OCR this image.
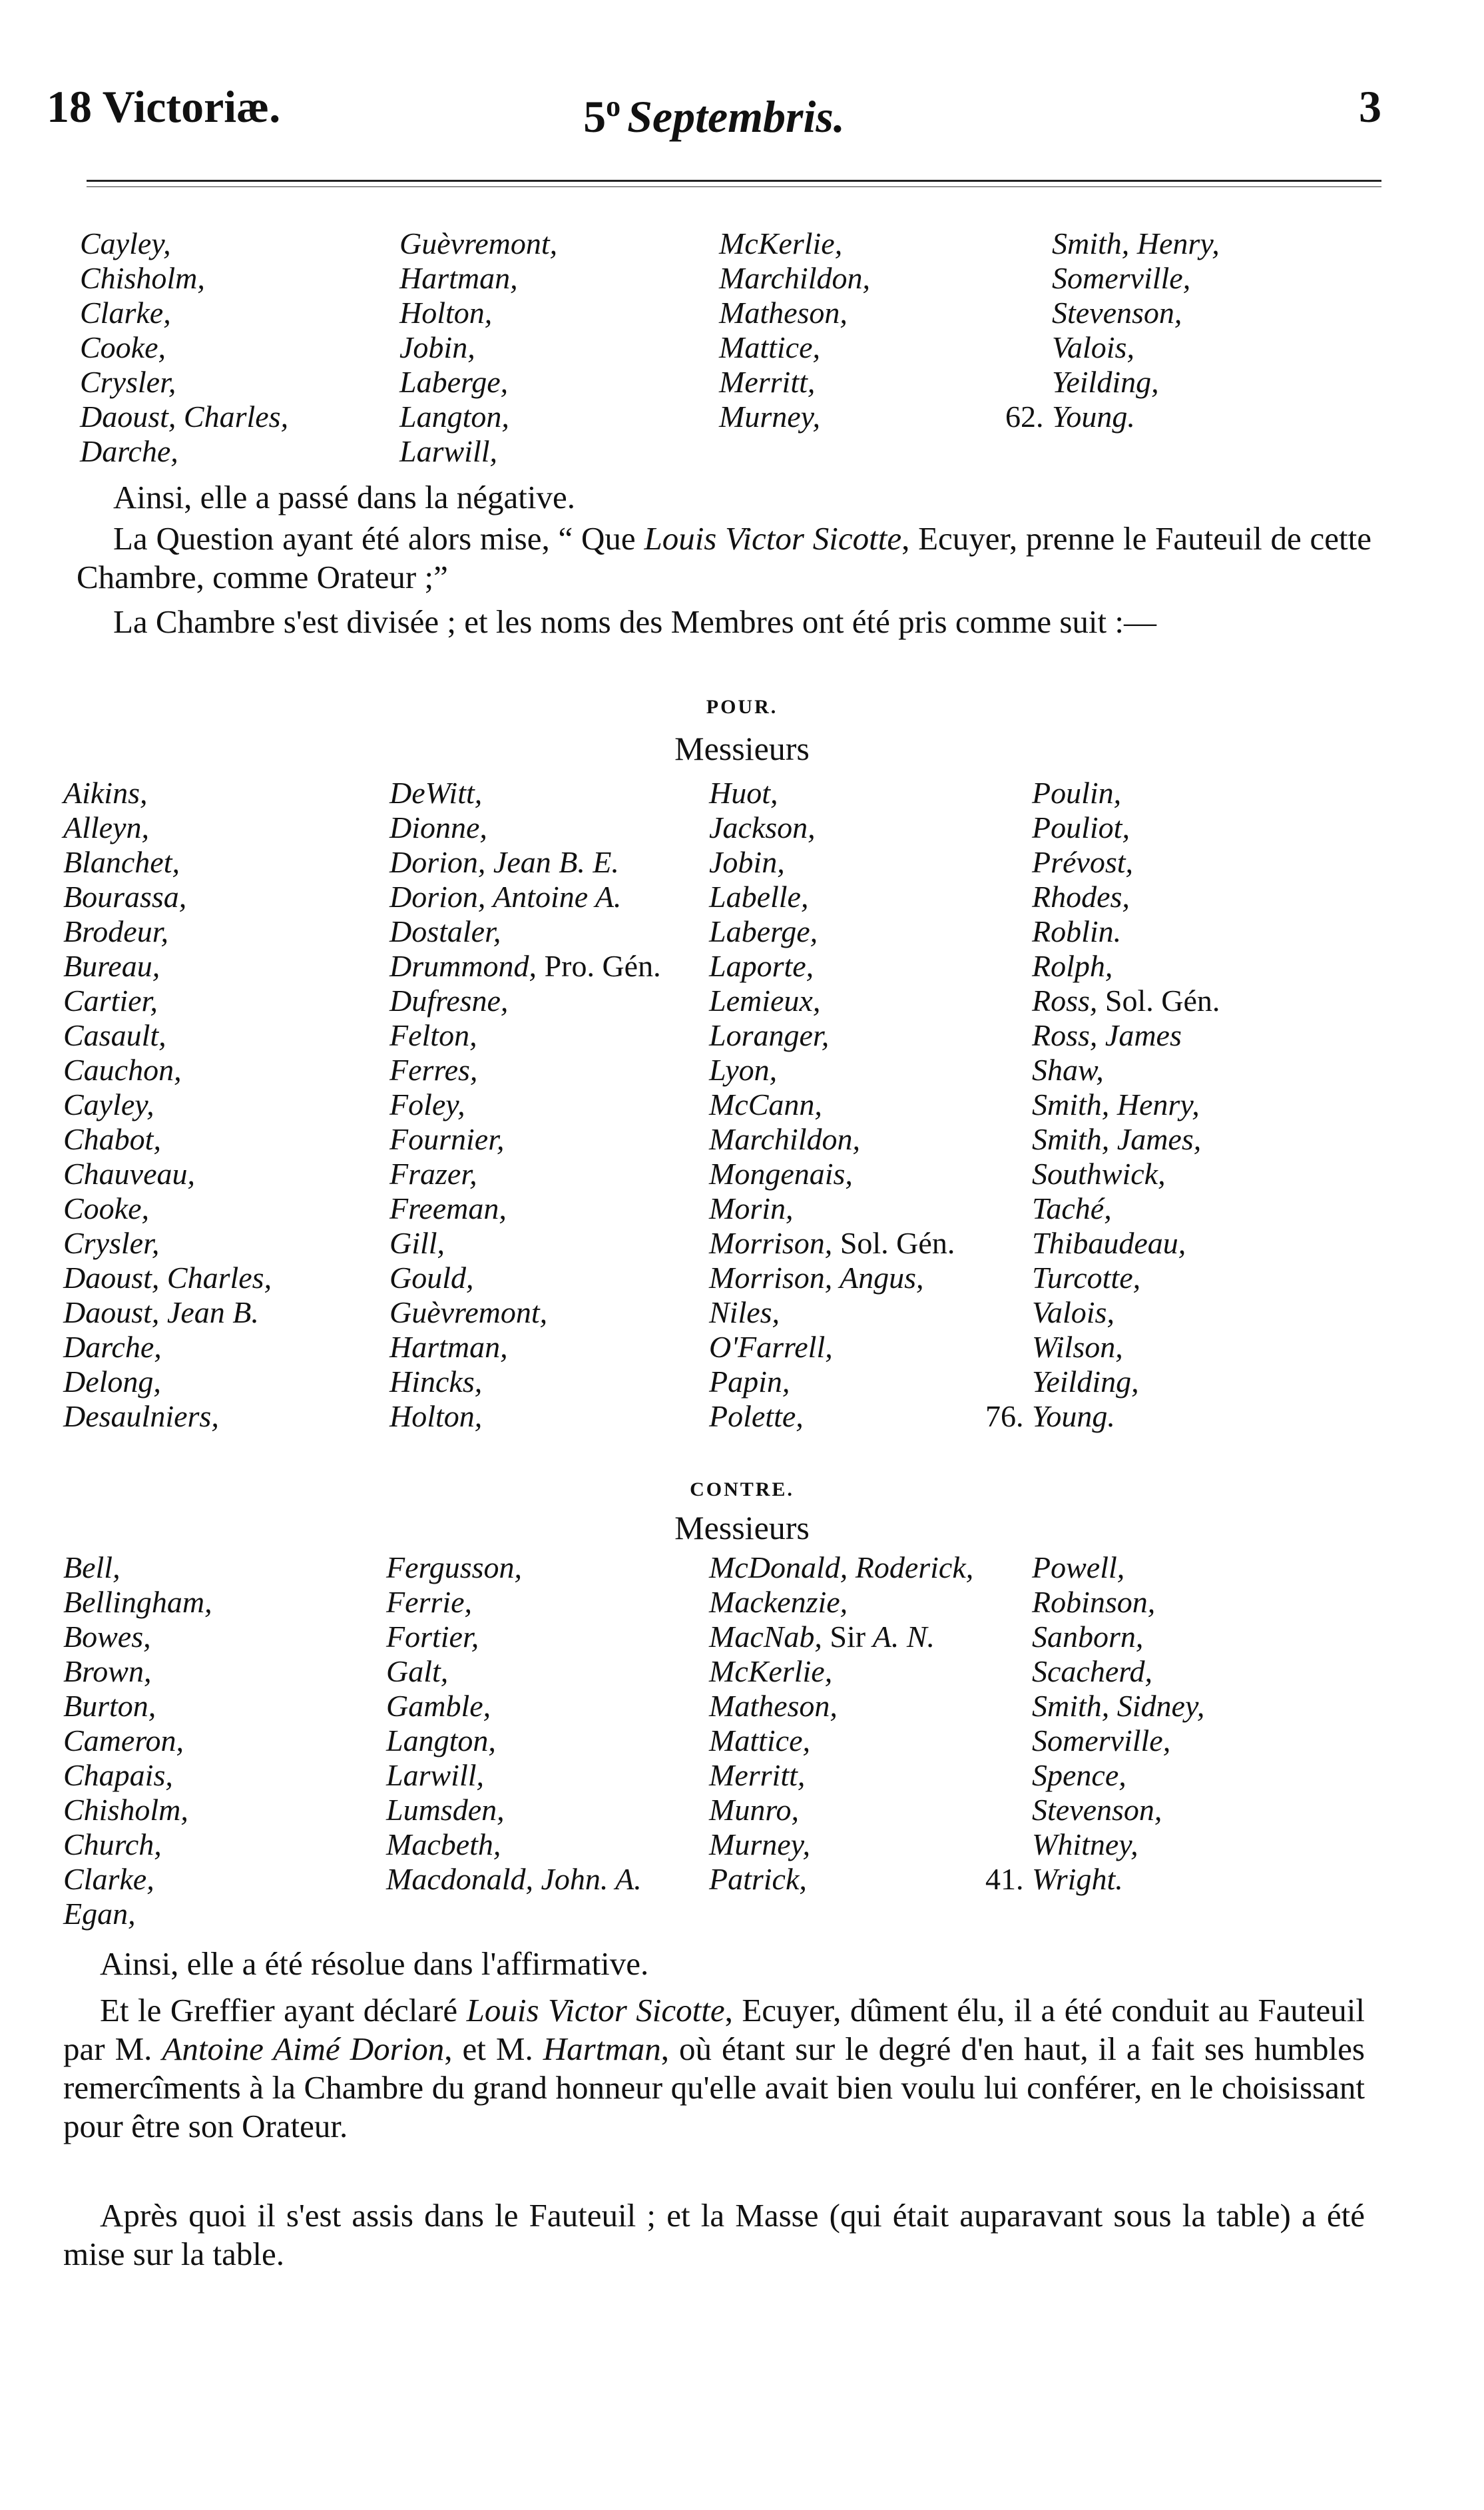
18 Victoriæ.	5$^o$ Septembris.	3
Cayley,
Chisholm,
Clarke,
Cooke,
Crysler,
Daoust, Charles,
Darche,
Guèvremont,
Hartman,
Holton,
Jobin,
Laberge,
Langton,
Larwill,
McKerlie,
Marchildon,
Matheson,
Mattice,
Merritt,
Murney,
Smith, Henry,
Somerville,
Stevenson,
Valois,
Yeilding,
62. Young.
Ainsi, elle a passé dans la négative.
La Question ayant été alors mise, “ Que Louis Victor Sicotte, Ecuyer, prenne le Fauteuil de cette Chambre, comme Orateur ;”
La Chambre s'est divisée ; et les noms des Membres ont été pris comme suit :—
POUR.
Messieurs
Aikins,
Alleyn,
Blanchet,
Bourassa,
Brodeur,
Bureau,
Cartier,
Casault,
Cauchon,
Cayley,
Chabot,
Chauveau,
Cooke,
Crysler,
Daoust, Charles,
Daoust, Jean B.
Darche,
Delong,
Desaulniers,
DeWitt,
Dionne,
Dorion, Jean B. E.
Dorion, Antoine A.
Dostaler,
Drummond, Pro. Gén.
Dufresne,
Felton,
Ferres,
Foley,
Fournier,
Frazer,
Freeman,
Gill,
Gould,
Guèvremont,
Hartman,
Hincks,
Holton,
Huot,
Jackson,
Jobin,
Labelle,
Laberge,
Laporte,
Lemieux,
Loranger,
Lyon,
McCann,
Marchildon,
Mongenais,
Morin,
Morrison, Sol. Gén.
Morrison, Angus,
Niles,
O'Farrell,
Papin,
Polette,
Poulin,
Pouliot,
Prévost,
Rhodes,
Roblin.
Rolph,
Ross, Sol. Gén.
Ross, James
Shaw,
Smith, Henry,
Smith, James,
Southwick,
Taché,
Thibaudeau,
Turcotte,
Valois,
Wilson,
Yeilding,
76. Young.
CONTRE.
Messieurs
Bell,
Bellingham,
Bowes,
Brown,
Burton,
Cameron,
Chapais,
Chisholm,
Church,
Clarke,
Egan,
Fergusson,
Ferrie,
Fortier,
Galt,
Gamble,
Langton,
Larwill,
Lumsden,
Macbeth,
Macdonald, John. A.
McDonald, Roderick,
Mackenzie,
MacNab, Sir A. N.
McKerlie,
Matheson,
Mattice,
Merritt,
Munro,
Murney,
Patrick,
Powell,
Robinson,
Sanborn,
Scacherd,
Smith, Sidney,
Somerville,
Spence,
Stevenson,
Whitney,
41. Wright.
Ainsi, elle a été résolue dans l'affirmative.
Et le Greffier ayant déclaré Louis Victor Sicotte, Ecuyer, dûment élu, il a été conduit au Fauteuil par M. Antoine Aimé Dorion, et M. Hartman, où étant sur le degré d'en haut, il a fait ses humbles remercîments à la Chambre du grand honneur qu'elle avait bien voulu lui conférer, en le choisissant pour être son Orateur.
Après quoi il s'est assis dans le Fauteuil ; et la Masse (qui était auparavant sous la table) a été mise sur la table.
